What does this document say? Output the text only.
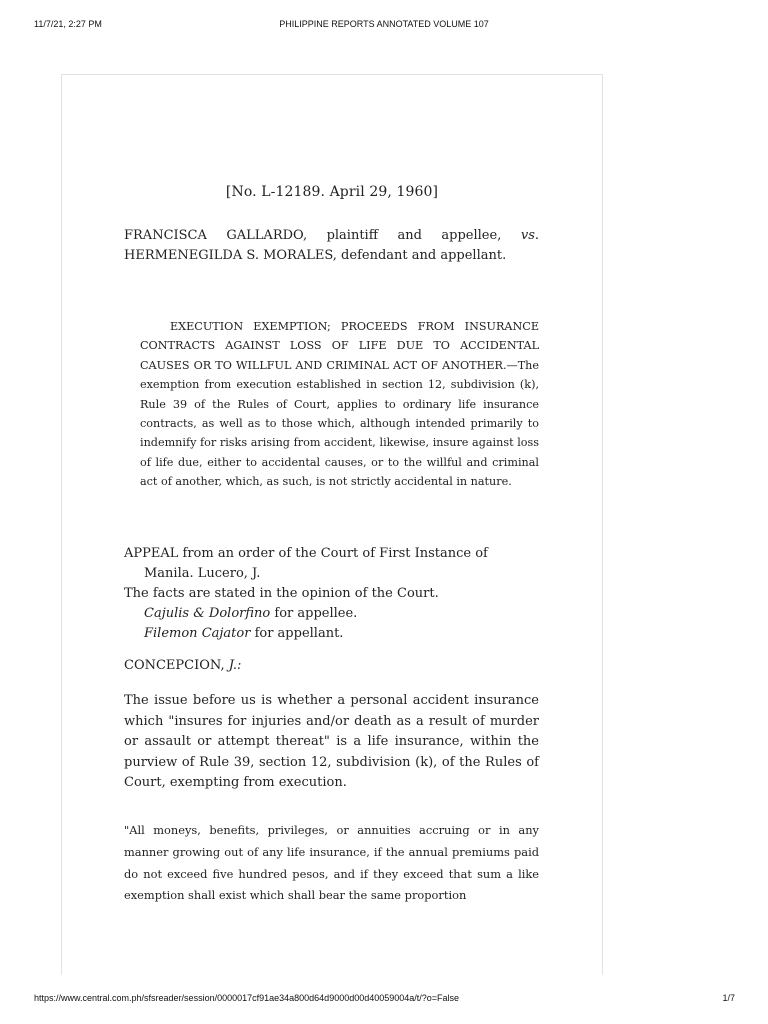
11/7/21, 2:27 PM	PHILIPPINE REPORTS ANNOTATED VOLUME 107
[No. L-12189. April 29, 1960]

FRANCISCA GALLARDO, plaintiff and appellee, vs. HERMENEGILDA S. MORALES, defendant and appellant.

EXECUTION EXEMPTION; PROCEEDS FROM INSURANCE CONTRACTS AGAINST LOSS OF LIFE DUE TO ACCIDENTAL CAUSES OR TO WILLFUL AND CRIMINAL ACT OF ANOTHER.—The exemption from execution established in section 12, subdivision (k), Rule 39 of the Rules of Court, applies to ordinary life insurance contracts, as well as to those which, although intended primarily to indemnify for risks arising from accident, likewise, insure against loss of life due, either to accidental causes, or to the willful and criminal act of another, which, as such, is not strictly accidental in nature.

APPEAL from an order of the Court of First Instance of

Manila. Lucero, J.

The facts are stated in the opinion of the Court.

Cajulis & Dolorfino for appellee.

Filemon Cajator for appellant.

CONCEPCION, J.:

The issue before us is whether a personal accident insurance which "insures for injuries and/or death as a result of murder or assault or attempt thereat" is a life insurance, within the purview of Rule 39, section 12, subdivision (k), of the Rules of Court, exempting from execution.

"All moneys, benefits, privileges, or annuities accruing or in any manner growing out of any life insurance, if the annual premiums paid do not exceed five hundred pesos, and if they exceed that sum a like exemption shall exist which shall bear the same proportion

https://www.central.com.ph/sfsreader/session/0000017cf91ae34a800d64d9000d00d40059004a/t/?o=False	1/7
